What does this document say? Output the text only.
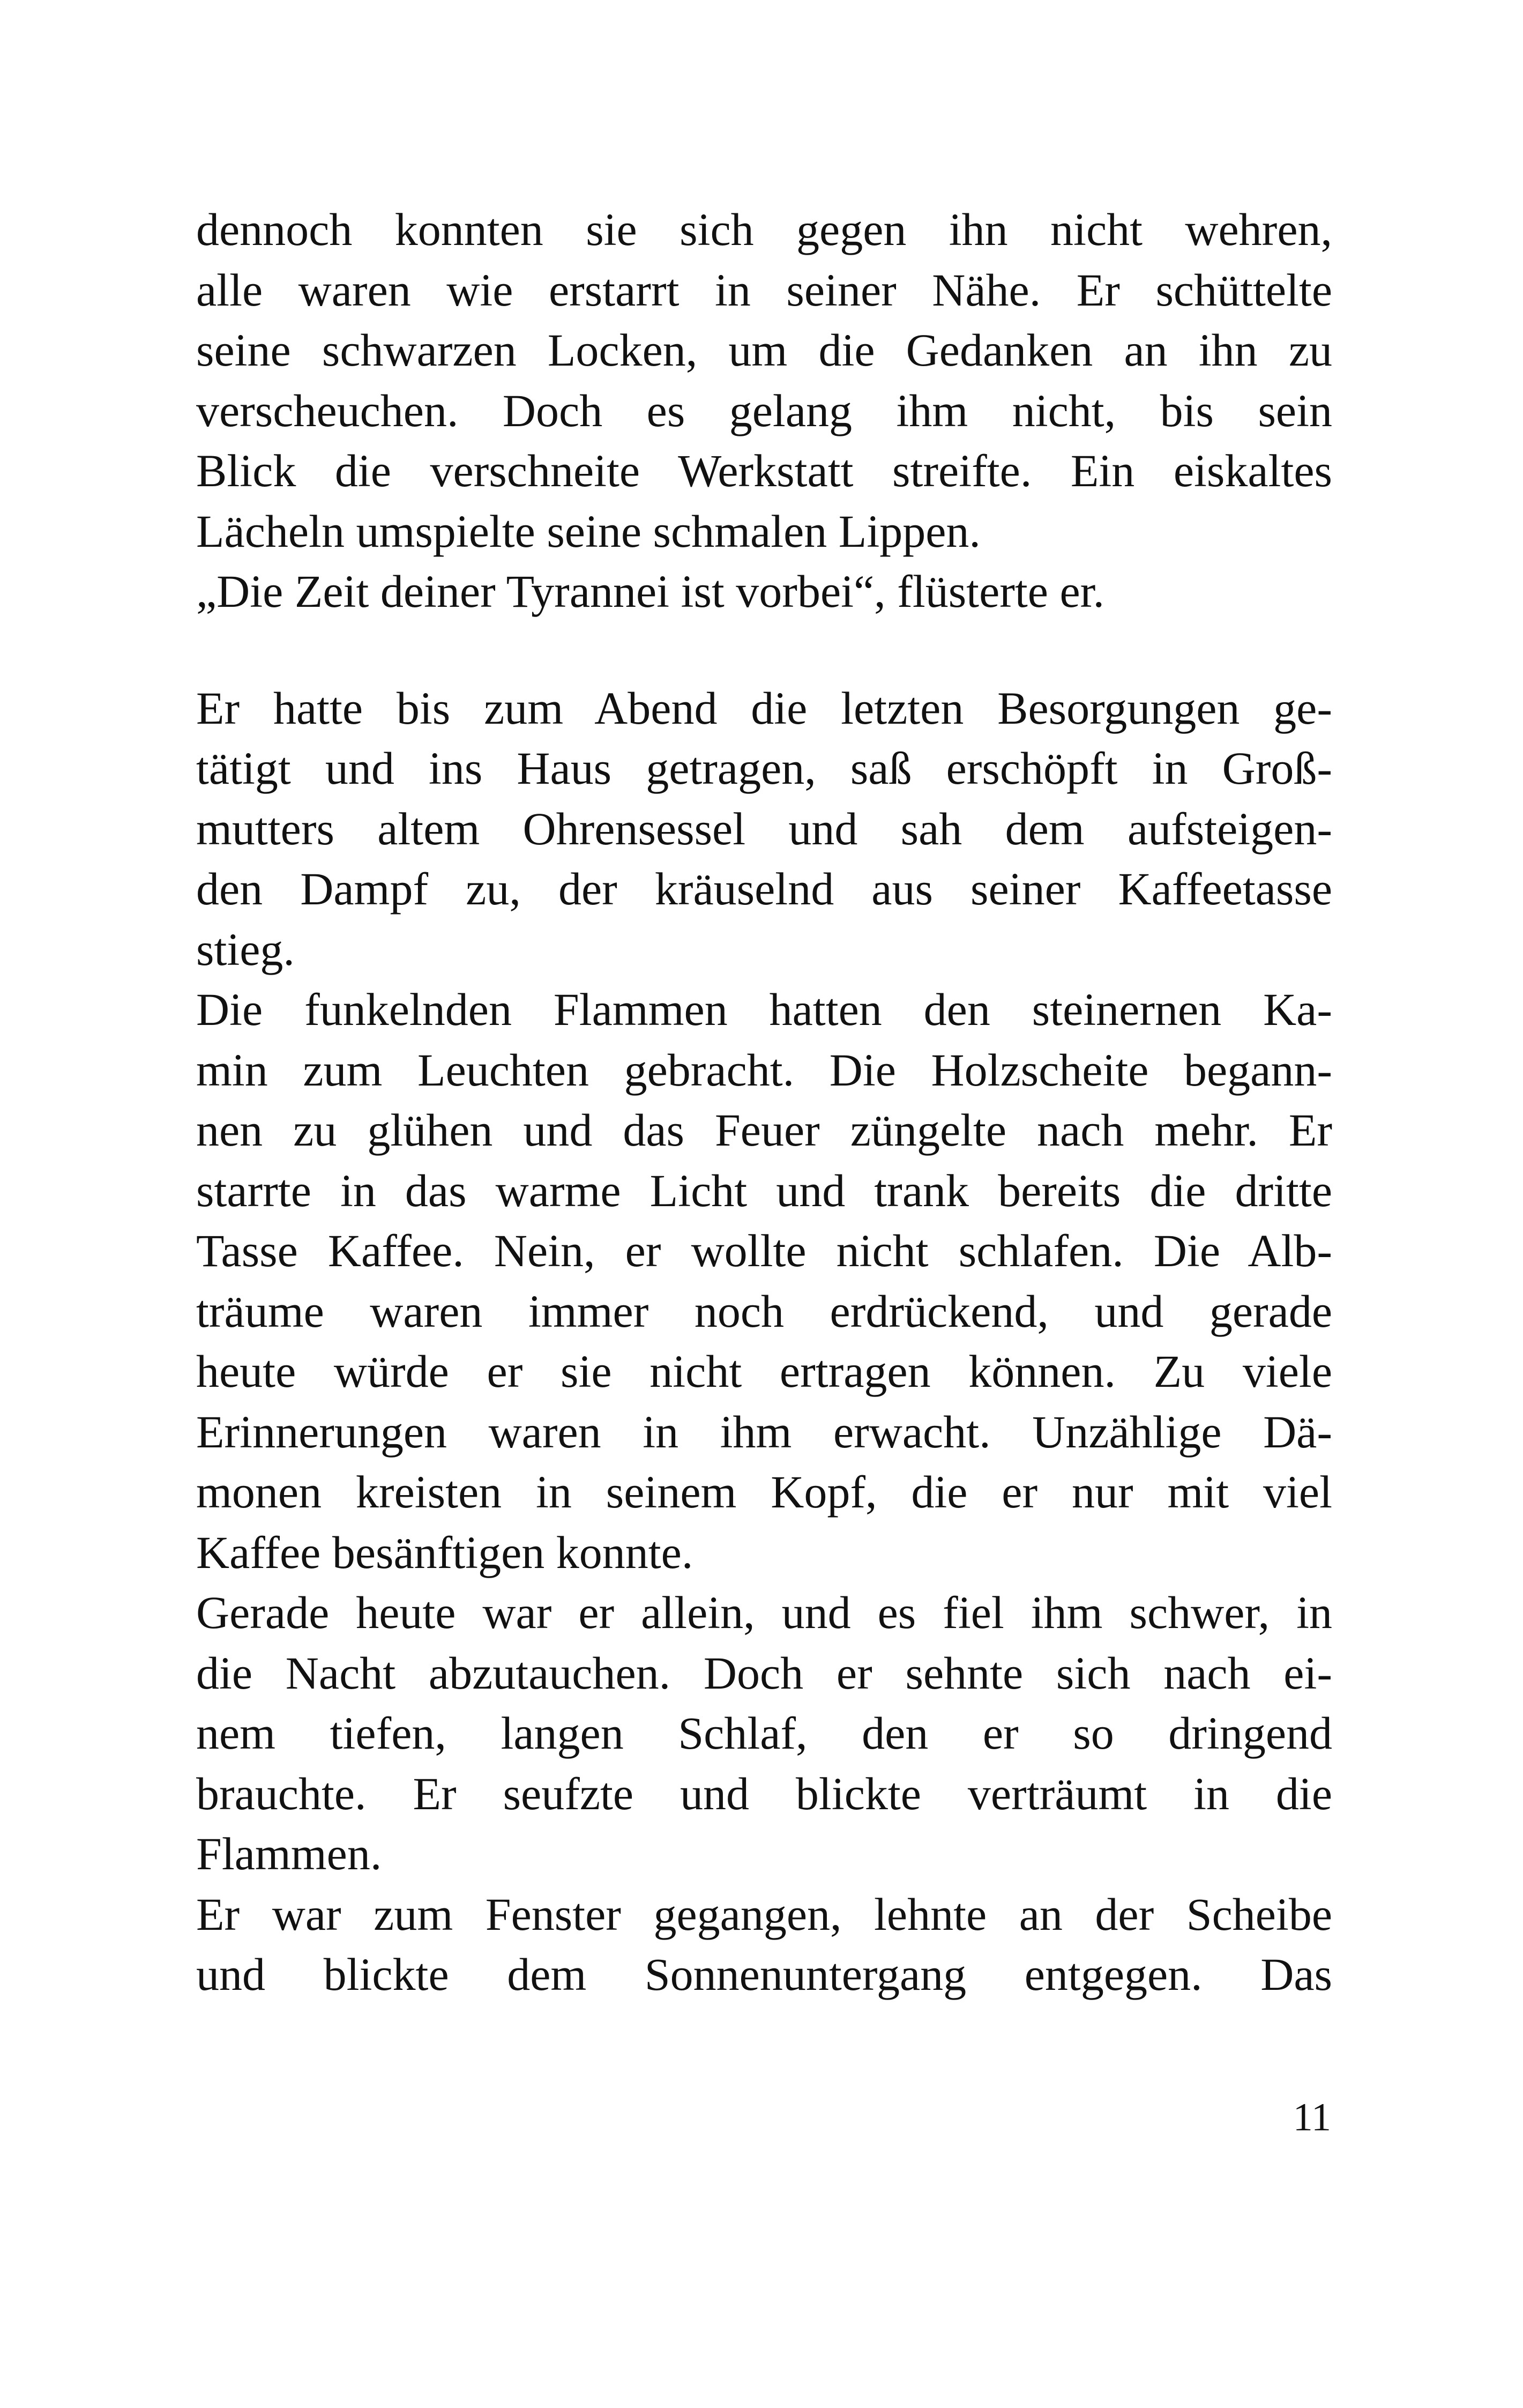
dennoch konnten sie sich gegen ihn nicht wehren,
alle waren wie erstarrt in seiner Nähe. Er schüttelte
seine schwarzen Locken, um die Gedanken an ihn zu
verscheuchen. Doch es gelang ihm nicht, bis sein
Blick die verschneite Werkstatt streifte. Ein eiskaltes
Lächeln umspielte seine schmalen Lippen.
„Die Zeit deiner Tyrannei ist vorbei“, flüsterte er.
Er hatte bis zum Abend die letzten Besorgungen ge-
tätigt und ins Haus getragen, saß erschöpft in Groß-
mutters altem Ohrensessel und sah dem aufsteigen-
den Dampf zu, der kräuselnd aus seiner Kaffeetasse
stieg.
Die funkelnden Flammen hatten den steinernen Ka-
min zum Leuchten gebracht. Die Holzscheite begann-
nen zu glühen und das Feuer züngelte nach mehr. Er
starrte in das warme Licht und trank bereits die dritte
Tasse Kaffee. Nein, er wollte nicht schlafen. Die Alb-
träume waren immer noch erdrückend, und gerade
heute würde er sie nicht ertragen können. Zu viele
Erinnerungen waren in ihm erwacht. Unzählige Dä-
monen kreisten in seinem Kopf, die er nur mit viel
Kaffee besänftigen konnte.
Gerade heute war er allein, und es fiel ihm schwer, in
die Nacht abzutauchen. Doch er sehnte sich nach ei-
nem tiefen, langen Schlaf, den er so dringend
brauchte. Er seufzte und blickte verträumt in die
Flammen.
Er war zum Fenster gegangen, lehnte an der Scheibe
und blickte dem Sonnenuntergang entgegen. Das
11
